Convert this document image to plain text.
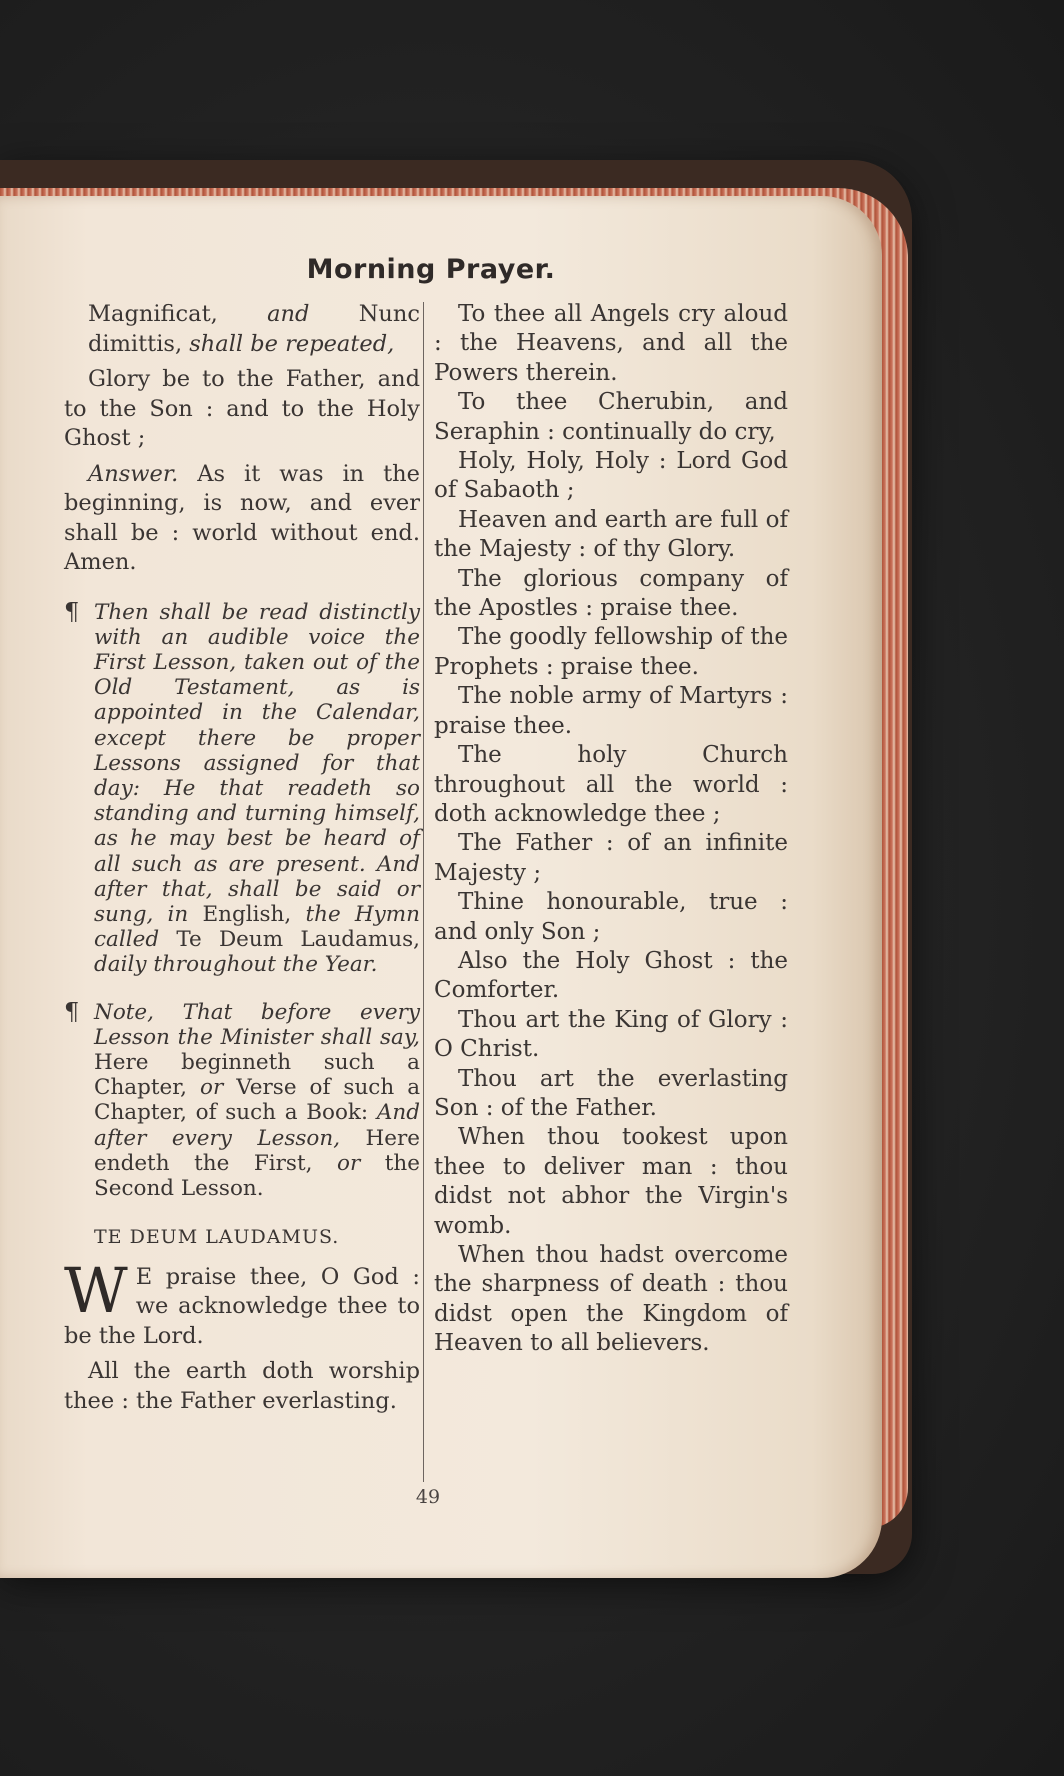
Morning Prayer.

Magnificat, and Nunc dimittis, shall be repeated,

Glory be to the Father, and to the Son : and to the Holy Ghost ;

Answer. As it was in the beginning, is now, and ever shall be : world without end. Amen.

¶ Then shall be read distinctly with an audible voice the First Lesson, taken out of the Old Testament, as is appointed in the Calendar, except there be proper Lessons assigned for that day: He that readeth so standing and turning himself, as he may best be heard of all such as are present. And after that, shall be said or sung, in English, the Hymn called Te Deum Laudamus, daily throughout the Year.

¶ Note, That before every Lesson the Minister shall say, Here beginneth such a Chapter, or Verse of such a Chapter, of such a Book: And after every Lesson, Here endeth the First, or the Second Lesson.

TE DEUM LAUDAMUS.

W E praise thee, O God : we acknowledge thee to be the Lord.

All the earth doth worship thee : the Father everlasting.

To thee all Angels cry aloud : the Heavens, and all the Powers therein.

To thee Cherubin, and Seraphin : continually do cry,

Holy, Holy, Holy : Lord God of Sabaoth ;

Heaven and earth are full of the Majesty : of thy Glory.

The glorious company of the Apostles : praise thee.

The goodly fellowship of the Prophets : praise thee.

The noble army of Martyrs : praise thee.

The holy Church throughout all the world : doth acknowledge thee ;

The Father : of an infinite Majesty ;

Thine honourable, true : and only Son ;

Also the Holy Ghost : the Comforter.

Thou art the King of Glory : O Christ.

Thou art the everlasting Son : of the Father.

When thou tookest upon thee to deliver man : thou didst not abhor the Virgin's womb.

When thou hadst overcome the sharpness of death : thou didst open the Kingdom of Heaven to all believers.

49
